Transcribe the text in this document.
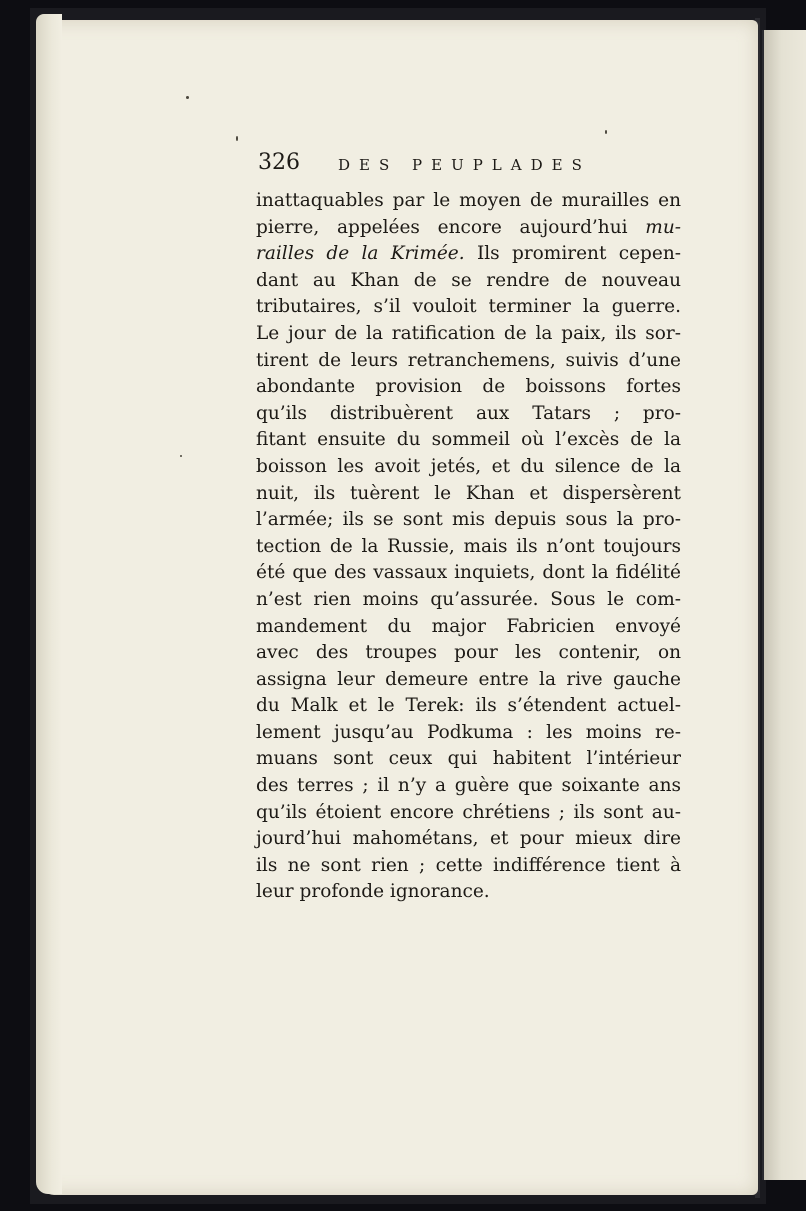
326	DES PEUPLADES
inattaquables par le moyen de murailles en
pierre, appelées encore aujourd’hui mu-
railles de la Krimée. Ils promirent cepen-
dant au Khan de se rendre de nouveau
tributaires, s’il vouloit terminer la guerre.
Le jour de la ratification de la paix, ils sor-
tirent de leurs retranchemens, suivis d’une
abondante provision de boissons fortes
qu’ils distribuèrent aux Tatars ; pro-
fitant ensuite du sommeil où l’excès de la
boisson les avoit jetés, et du silence de la
nuit, ils tuèrent le Khan et dispersèrent
l’armée; ils se sont mis depuis sous la pro-
tection de la Russie, mais ils n’ont toujours
été que des vassaux inquiets, dont la fidélité
n’est rien moins qu’assurée. Sous le com-
mandement du major Fabricien envoyé
avec des troupes pour les contenir, on
assigna leur demeure entre la rive gauche
du Malk et le Terek: ils s’étendent actuel-
lement jusqu’au Podkuma : les moins re-
muans sont ceux qui habitent l’intérieur
des terres ; il n’y a guère que soixante ans
qu’ils étoient encore chrétiens ; ils sont au-
jourd’hui mahométans, et pour mieux dire
ils ne sont rien ; cette indifférence tient à
leur profonde ignorance.
